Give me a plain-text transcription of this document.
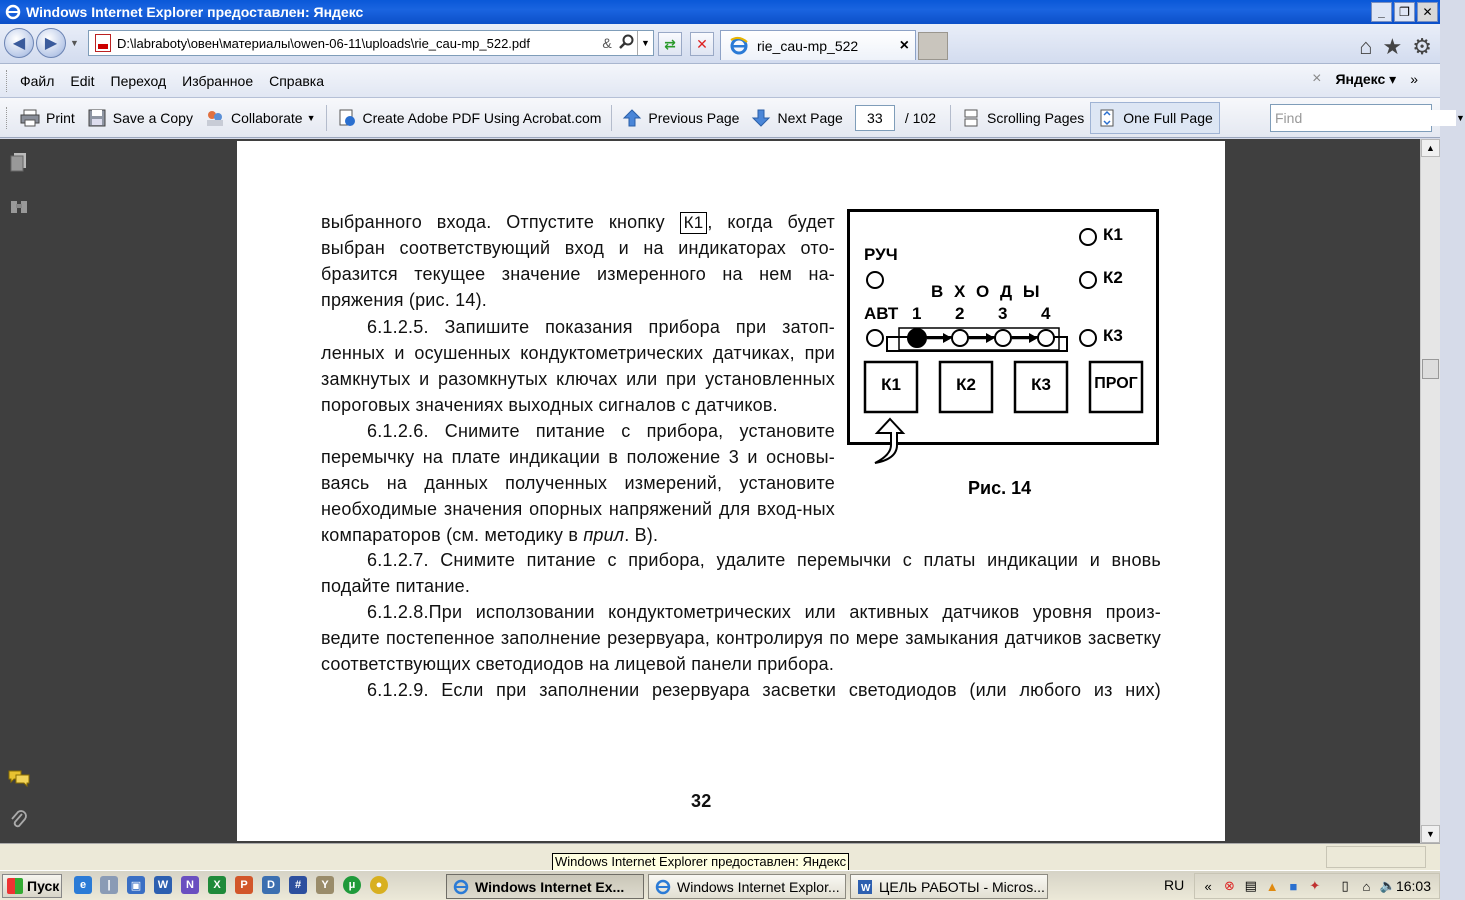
Windows Internet Explorer предоставлен: Яндекс	_	❐	✕
◀ ▶ ▼	D:\labraboty\овен\материалы\owen-06-11\uploads\rie_cau-mp_522.pdf	&	▼ ⇄ ✕	rie_cau-mp_522	×	⌂ ★ ⚙
Файл Edit Переход Избранное Справка	× Яндекс ▾ »
Print	Save a Copy	Collaborate ▼	Create Adobe PDF Using Acrobat.com	Previous Page	Next Page	33	/ 102	Scrolling Pages	One Full Page
Find	▼
выбранного входа. Отпустите кнопку К1 , когда будет
выбран соответствующий вход и на индикаторах ото-
бразится текущее значение измеренного на нем на-
пряжения (рис. 14).
6.1.2.5. Запишите показания прибора при затоп-ленных и осушенных кондуктометрических датчиках, при замкнутых и разомкнутых ключах или при установленных пороговых значениях выходных сигналов с датчиков.
6.1.2.6. Снимите питание с прибора, установите перемычку на плате индикации в положение 3 и основы-ваясь на данных полученных измерений, установите необходимые значения опорных напряжений для вход-ных компараторов (см. методику в прил. В).
6.1.2.7. Снимите питание с прибора, удалите перемычки с платы индикации и вновь подайте питание.
6.1.2.8.При исползовании кондуктометрических или активных датчиков уровня произ-ведите постепенное заполнение резервуара, контролируя по мере замыкания датчиков засветку соответствующих светодиодов на лицевой панели прибора.
6.1.2.9. Если при заполнении резервуара засветки светодиодов (или любого из них)
32
К1
К2
К3
РУЧ
АВТ
В Х О Д Ы
1 2 3 4
К1	К2	К3	ПРОГ
Рис. 14
▲
▼
Windows Internet Explorer предоставлен: Яндекс
Пуск	e	|	▣	W	N	X	P	D	#	Y	μ	●	Windows Internet Ex...	Windows Internet Explor... W ЦЕЛЬ РАБОТЫ - Micros...	RU	« ⊗ ▤ ▲ ■ ✦	▯	⌂ 🔈 16:03
